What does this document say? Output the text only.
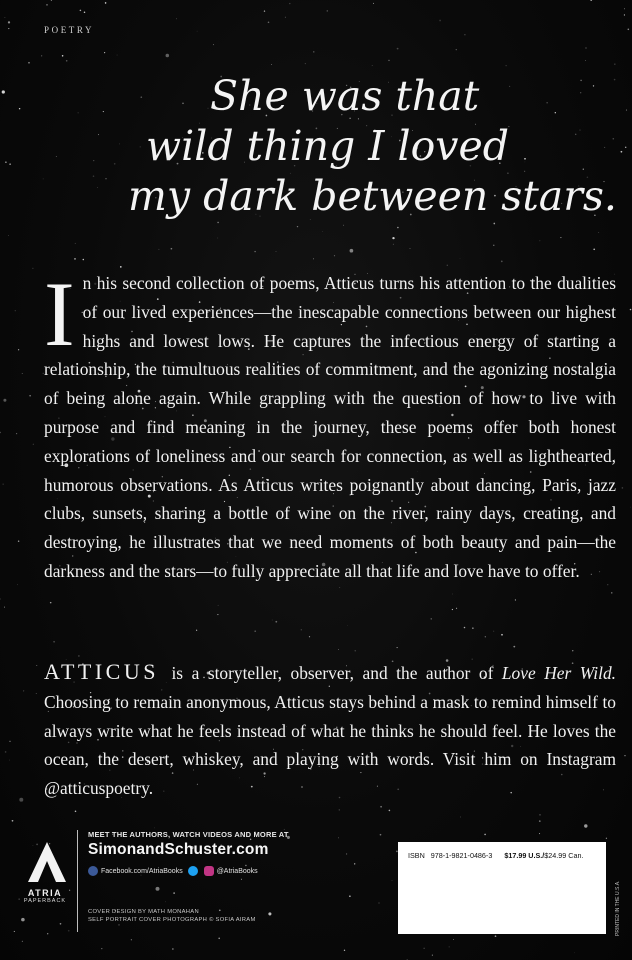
POETRY
She was that
wild thing I loved
my dark between stars.
In his second collection of poems, Atticus turns his attention to the dualities of our lived experiences—the inescapable connections between our highest highs and lowest lows. He captures the infectious energy of starting a relationship, the tumultuous realities of commitment, and the agonizing nostalgia of being alone again. While grappling with the question of how to live with purpose and find meaning in the journey, these poems offer both honest explorations of loneliness and our search for connection, as well as lighthearted, humorous observations. As Atticus writes poignantly about dancing, Paris, jazz clubs, sunsets, sharing a bottle of wine on the river, rainy days, creating, and destroying, he illustrates that we need moments of both beauty and pain—the darkness and the stars—to fully appreciate all that life and love have to offer.
ATTICUS is a storyteller, observer, and the author of Love Her Wild. Choosing to remain anonymous, Atticus stays behind a mask to remind himself to always write what he feels instead of what he thinks he should feel. He loves the ocean, the desert, whiskey, and playing with words. Visit him on Instagram @atticuspoetry.
ATRIA
PAPERBACK
MEET THE AUTHORS, WATCH VIDEOS AND MORE AT
SimonandSchuster.com
Facebook.com/AtriaBooks	@AtriaBooks
COVER DESIGN BY MATH MONAHAN
SELF PORTRAIT COVER PHOTOGRAPH © SOFIA AIRAM
ISBN 978-1-9821-0486-3 $17.99 U.S./$24.99 Can.
PRINTED IN THE U.S.A.
